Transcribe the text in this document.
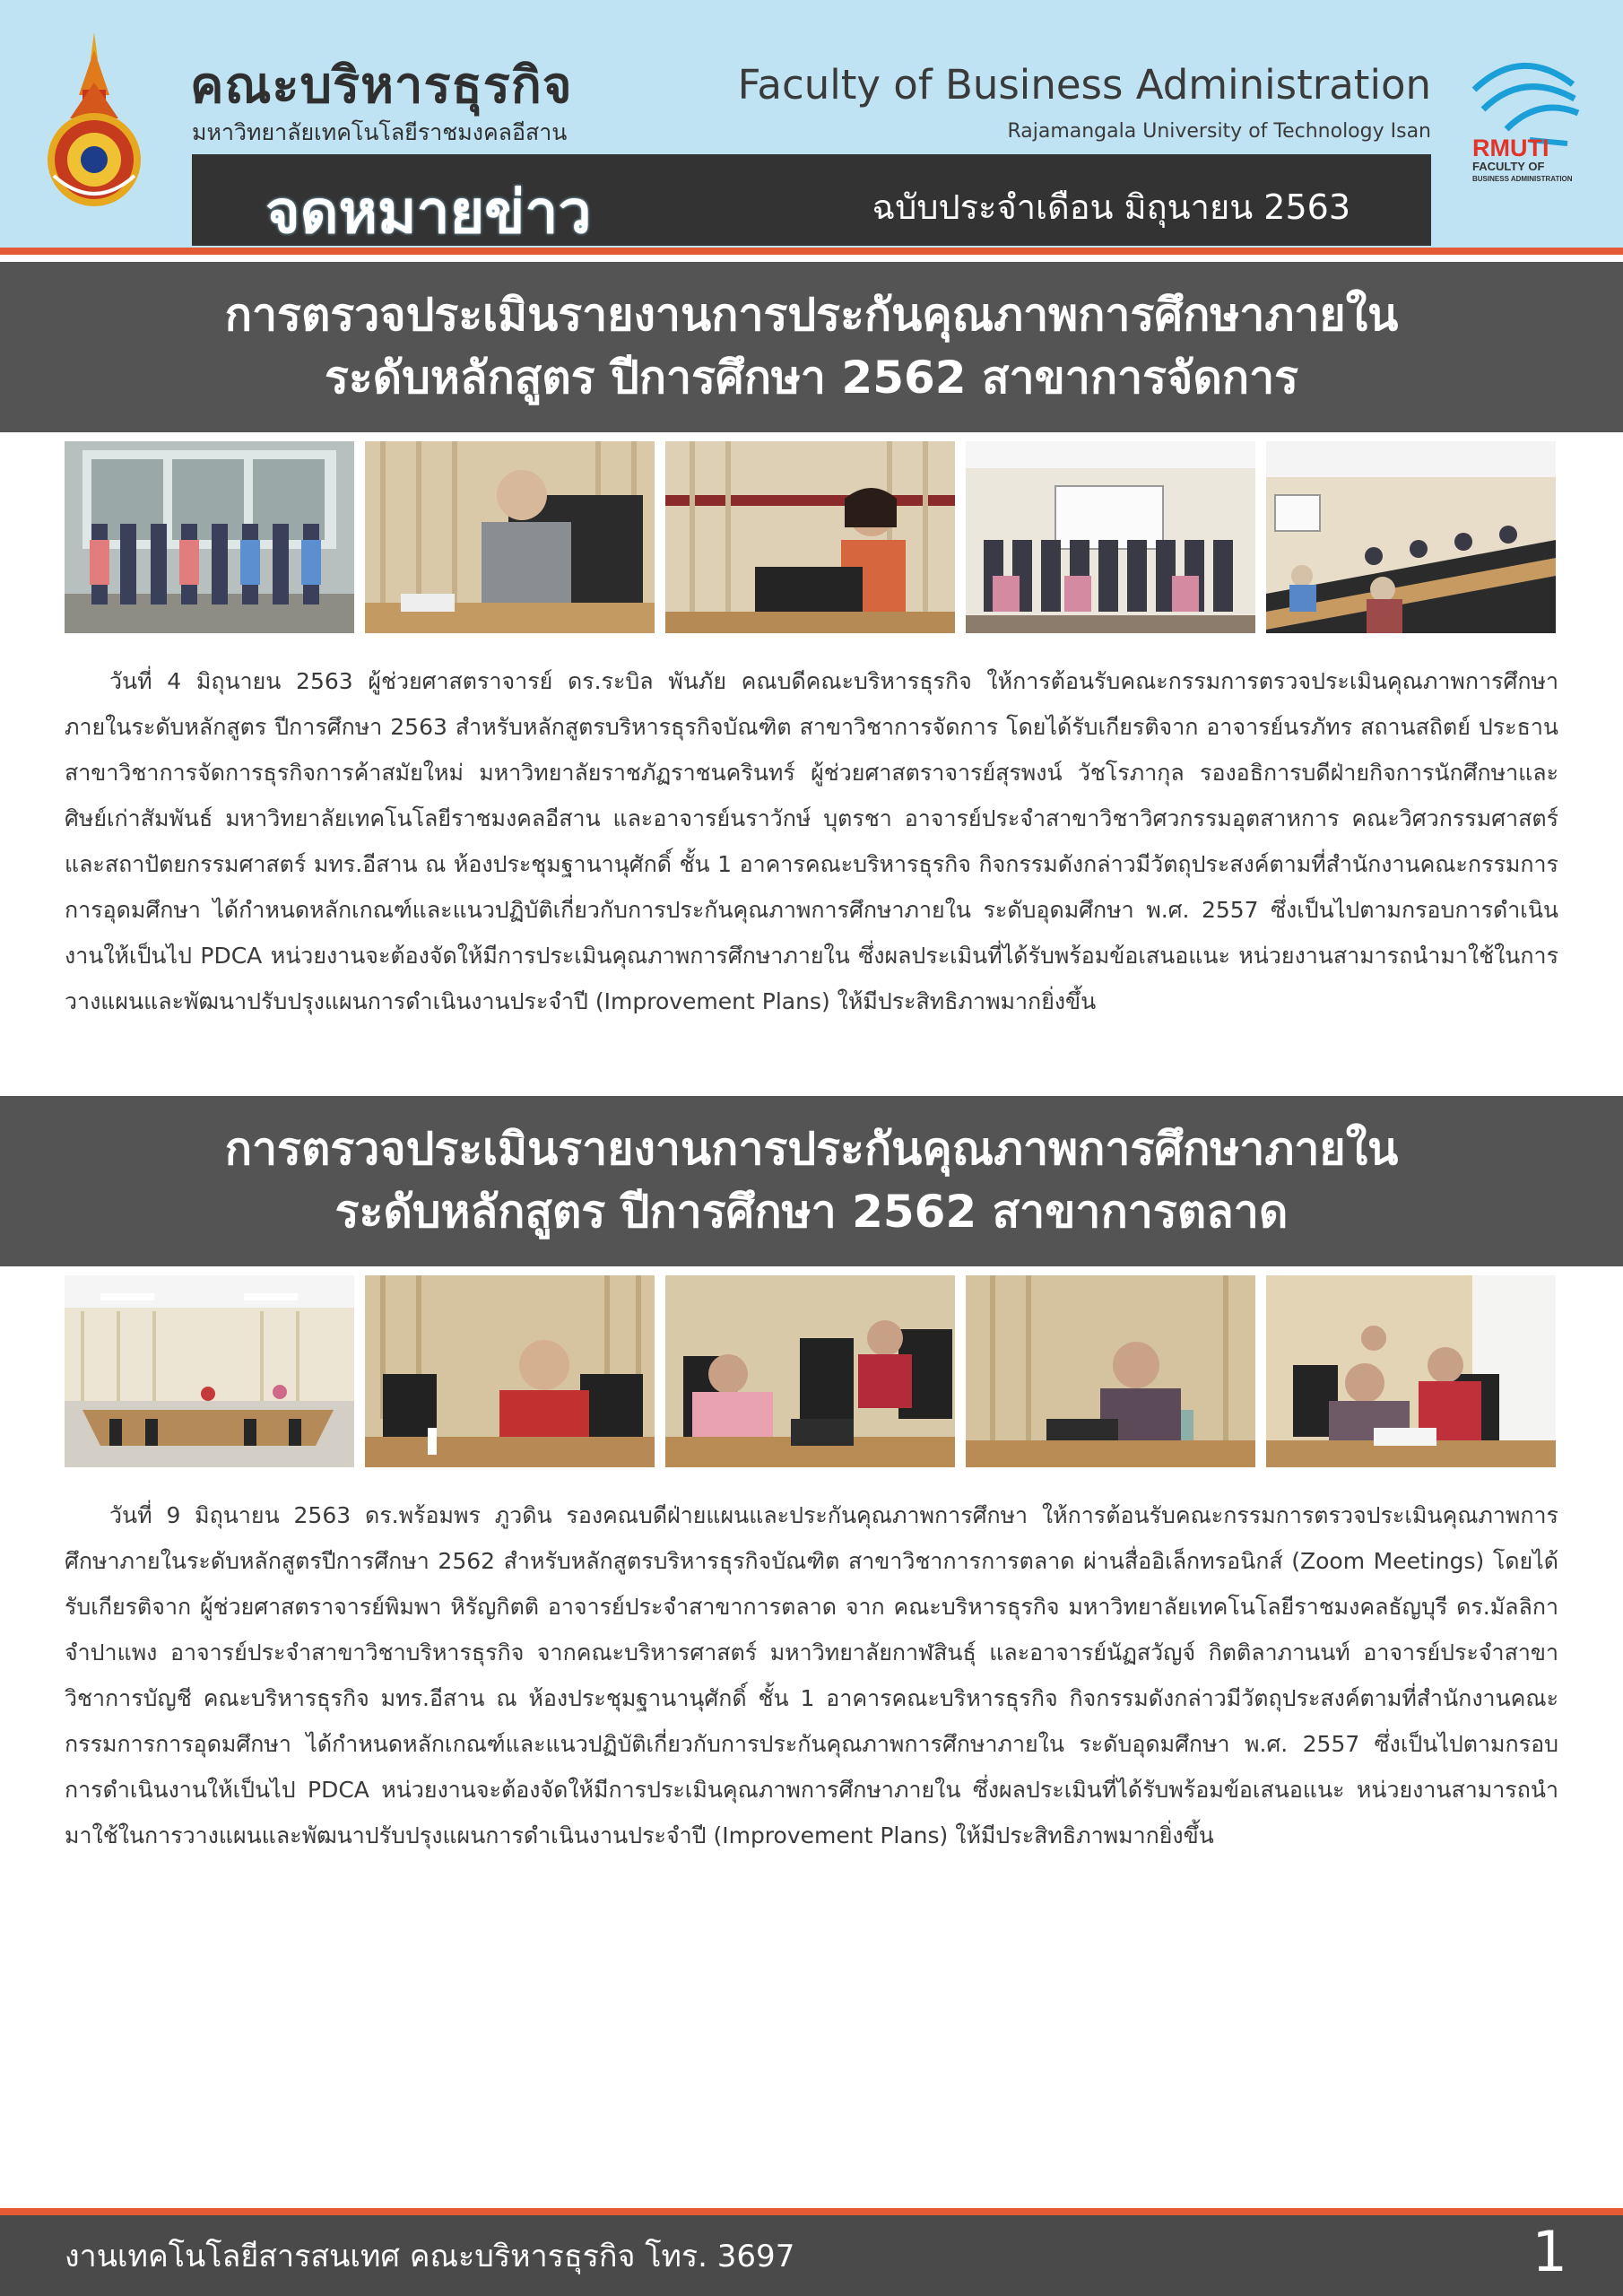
คณะบริหารธุรกิจ
มหาวิทยาลัยเทคโนโลยีราชมงคลอีสาน
Faculty of Business Administration
Rajamangala University of Technology Isan
RMUTI
FACULTY OF
BUSINESS ADMINISTRATION
จดหมายข่าว	ฉบับประจำเดือน มิถุนายน 2563
การตรวจประเมินรายงานการประกันคุณภาพการศึกษาภายใน
ระดับหลักสูตร ปีการศึกษา 2562 สาขาการจัดการ

วันที่ 4 มิถุนายน 2563 ผู้ช่วยศาสตราจารย์ ดร.ระบิล พันภัย คณบดีคณะบริหารธุรกิจ ให้การต้อนรับคณะกรรมการตรวจประเมินคุณภาพการศึกษาภายในระดับหลักสูตร ปีการศึกษา 2563 สำหรับหลักสูตรบริหารธุรกิจบัณฑิต สาขาวิชาการจัดการ โดยได้รับเกียรติจาก อาจารย์นรภัทร สถานสถิตย์ ประธานสาขาวิชาการจัดการธุรกิจการค้าสมัยใหม่ มหาวิทยาลัยราชภัฏราชนครินทร์ ผู้ช่วยศาสตราจารย์สุรพงน์ วัชโรภากุล รองอธิการบดีฝ่ายกิจการนักศึกษาและศิษย์เก่าสัมพันธ์ มหาวิทยาลัยเทคโนโลยีราชมงคลอีสาน และอาจารย์นราวักษ์ บุตรชา อาจารย์ประจำสาขาวิชาวิศวกรรมอุตสาหการ คณะวิศวกรรมศาสตร์และสถาปัตยกรรมศาสตร์ มทร.อีสาน ณ ห้องประชุมฐานานุศักดิ์ ชั้น 1 อาคารคณะบริหารธุรกิจ กิจกรรมดังกล่าวมีวัตถุประสงค์ตามที่สำนักงานคณะกรรมการการอุดมศึกษา ได้กำหนดหลักเกณฑ์และแนวปฏิบัติเกี่ยวกับการประกันคุณภาพการศึกษาภายใน ระดับอุดมศึกษา พ.ศ. 2557 ซึ่งเป็นไปตามกรอบการดำเนินงานให้เป็นไป PDCA หน่วยงานจะต้องจัดให้มีการประเมินคุณภาพการศึกษาภายใน ซึ่งผลประเมินที่ได้รับพร้อมข้อเสนอแนะ หน่วยงานสามารถนำมาใช้ในการวางแผนและพัฒนาปรับปรุงแผนการดำเนินงานประจำปี (Improvement Plans) ให้มีประสิทธิภาพมากยิ่งขึ้น

การตรวจประเมินรายงานการประกันคุณภาพการศึกษาภายใน
ระดับหลักสูตร ปีการศึกษา 2562 สาขาการตลาด

วันที่ 9 มิถุนายน 2563 ดร.พร้อมพร ภูวดิน รองคณบดีฝ่ายแผนและประกันคุณภาพการศึกษา ให้การต้อนรับคณะกรรมการตรวจประเมินคุณภาพการศึกษาภายในระดับหลักสูตรปีการศึกษา 2562 สำหรับหลักสูตรบริหารธุรกิจบัณฑิต สาขาวิชาการการตลาด ผ่านสื่ออิเล็กทรอนิกส์ (Zoom Meetings) โดยได้รับเกียรติจาก ผู้ช่วยศาสตราจารย์พิมพา หิรัญกิตติ อาจารย์ประจำสาขาการตลาด จาก คณะบริหารธุรกิจ มหาวิทยาลัยเทคโนโลยีราชมงคลธัญบุรี ดร.มัลลิกา จำปาแพง อาจารย์ประจำสาขาวิชาบริหารธุรกิจ จากคณะบริหารศาสตร์ มหาวิทยาลัยกาฬสินธุ์ และอาจารย์นัฏสวัญจ์ กิตติลาภานนท์ อาจารย์ประจำสาขาวิชาการบัญชี คณะบริหารธุรกิจ มทร.อีสาน ณ ห้องประชุมฐานานุศักดิ์ ชั้น 1 อาคารคณะบริหารธุรกิจ กิจกรรมดังกล่าวมีวัตถุประสงค์ตามที่สำนักงานคณะกรรมการการอุดมศึกษา ได้กำหนดหลักเกณฑ์และแนวปฏิบัติเกี่ยวกับการประกันคุณภาพการศึกษาภายใน ระดับอุดมศึกษา พ.ศ. 2557 ซึ่งเป็นไปตามกรอบการดำเนินงานให้เป็นไป PDCA หน่วยงานจะต้องจัดให้มีการประเมินคุณภาพการศึกษาภายใน ซึ่งผลประเมินที่ได้รับพร้อมข้อเสนอแนะ หน่วยงานสามารถนำมาใช้ในการวางแผนและพัฒนาปรับปรุงแผนการดำเนินงานประจำปี (Improvement Plans) ให้มีประสิทธิภาพมากยิ่งขึ้น

งานเทคโนโลยีสารสนเทศ คณะบริหารธุรกิจ โทร. 3697	1
